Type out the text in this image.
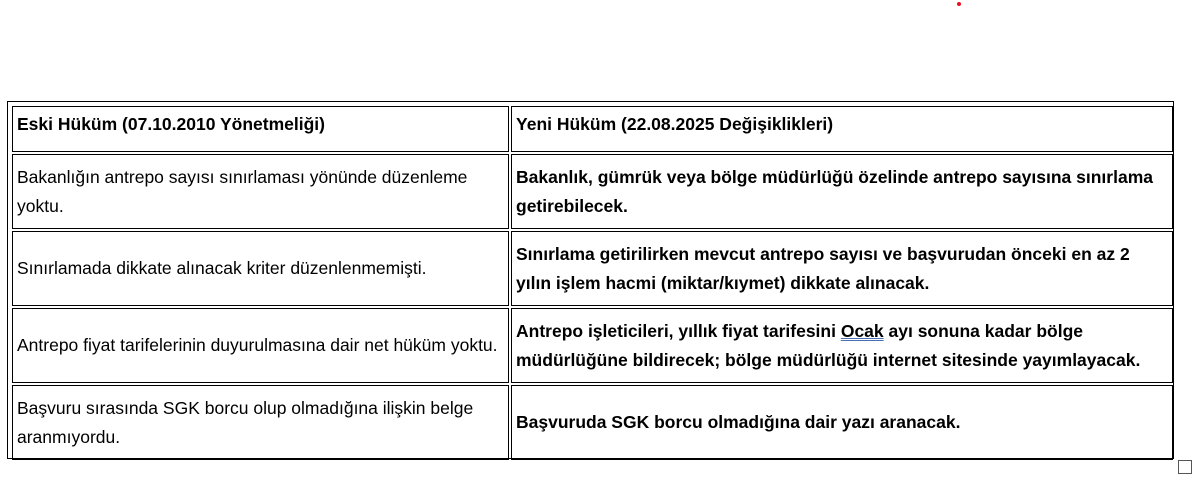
Eski Hüküm (07.10.2010 Yönetmeliği)	Yeni Hüküm (22.08.2025 Değişiklikleri)
Bakanlığın antrepo sayısı sınırlaması yönünde düzenleme yoktu.	Bakanlık, gümrük veya bölge müdürlüğü özelinde antrepo sayısına sınırlama getirebilecek.
Sınırlamada dikkate alınacak kriter düzenlenmemişti.	Sınırlama getirilirken mevcut antrepo sayısı ve başvurudan önceki en az 2 yılın işlem hacmi (miktar/kıymet) dikkate alınacak.
Antrepo fiyat tarifelerinin duyurulmasına dair net hüküm yoktu.	Antrepo işleticileri, yıllık fiyat tarifesini Ocak ayı sonuna kadar bölge müdürlüğüne bildirecek; bölge müdürlüğü internet sitesinde yayımlayacak.
Başvuru sırasında SGK borcu olup olmadığına ilişkin belge aranmıyordu.	Başvuruda SGK borcu olmadığına dair yazı aranacak.
